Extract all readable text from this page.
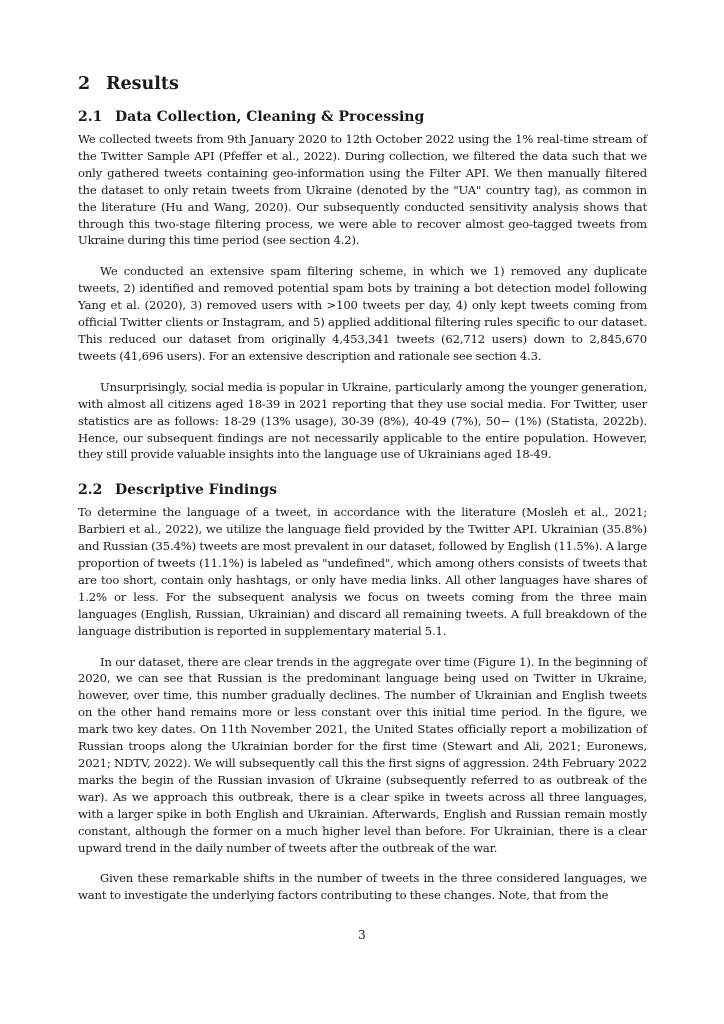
2 Results
2.1 Data Collection, Cleaning & Processing

We collected tweets from 9th January 2020 to 12th October 2022 using the 1% real-time stream of the Twitter Sample API (Pfeffer et al., 2022). During collection, we filtered the data such that we only gathered tweets containing geo-information using the Filter API. We then manually filtered the dataset to only retain tweets from Ukraine (denoted by the "UA" country tag), as common in the literature (Hu and Wang, 2020). Our subsequently conducted sensitivity analysis shows that through this two-stage filtering process, we were able to recover almost geo-tagged tweets from Ukraine during this time period (see section 4.2).

We conducted an extensive spam filtering scheme, in which we 1) removed any duplicate tweets, 2) identified and removed potential spam bots by training a bot detection model following Yang et al. (2020), 3) removed users with >100 tweets per day, 4) only kept tweets coming from official Twitter clients or Instagram, and 5) applied additional filtering rules specific to our dataset. This reduced our dataset from originally 4,453,341 tweets (62,712 users) down to 2,845,670 tweets (41,696 users). For an extensive description and rationale see section 4.3.

Unsurprisingly, social media is popular in Ukraine, particularly among the younger generation, with almost all citizens aged 18-39 in 2021 reporting that they use social media. For Twitter, user statistics are as follows: 18-29 (13% usage), 30-39 (8%), 40-49 (7%), 50− (1%) (Statista, 2022b). Hence, our subsequent findings are not necessarily applicable to the entire population. However, they still provide valuable insights into the language use of Ukrainians aged 18-49.

2.2 Descriptive Findings

To determine the language of a tweet, in accordance with the literature (Mosleh et al., 2021; Barbieri et al., 2022), we utilize the language field provided by the Twitter API. Ukrainian (35.8%) and Russian (35.4%) tweets are most prevalent in our dataset, followed by English (11.5%). A large proportion of tweets (11.1%) is labeled as "undefined", which among others consists of tweets that are too short, contain only hashtags, or only have media links. All other languages have shares of 1.2% or less. For the subsequent analysis we focus on tweets coming from the three main languages (English, Russian, Ukrainian) and discard all remaining tweets. A full breakdown of the language distribution is reported in supplementary material 5.1.

In our dataset, there are clear trends in the aggregate over time (Figure 1). In the beginning of 2020, we can see that Russian is the predominant language being used on Twitter in Ukraine, however, over time, this number gradually declines. The number of Ukrainian and English tweets on the other hand remains more or less constant over this initial time period. In the figure, we mark two key dates. On 11th November 2021, the United States officially report a mobilization of Russian troops along the Ukrainian border for the first time (Stewart and Ali, 2021; Euronews, 2021; NDTV, 2022). We will subsequently call this the first signs of aggression. 24th February 2022 marks the begin of the Russian invasion of Ukraine (subsequently referred to as outbreak of the war). As we approach this outbreak, there is a clear spike in tweets across all three languages, with a larger spike in both English and Ukrainian. Afterwards, English and Russian remain mostly constant, although the former on a much higher level than before. For Ukrainian, there is a clear upward trend in the daily number of tweets after the outbreak of the war.

Given these remarkable shifts in the number of tweets in the three considered languages, we want to investigate the underlying factors contributing to these changes. Note, that from the

3
